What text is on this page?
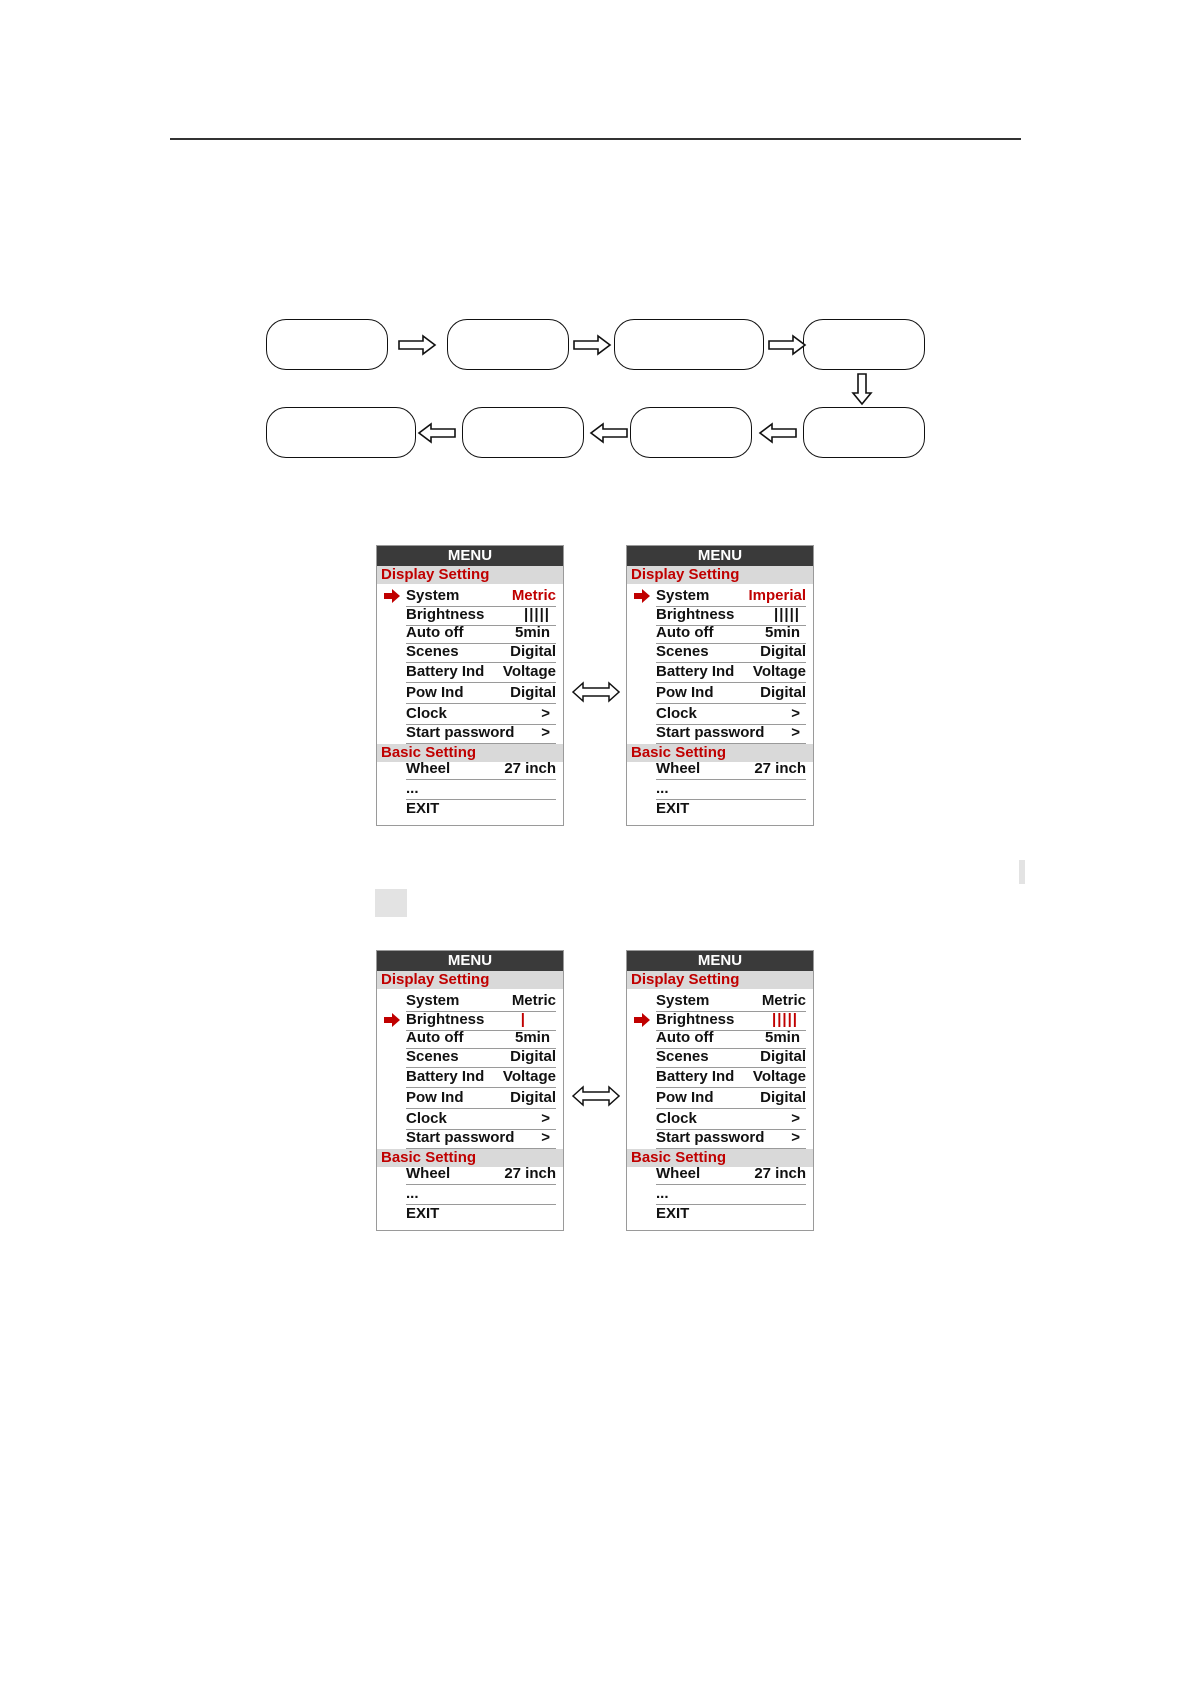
MENU
Display Setting
System	Metric
Brightness	|||||
Auto off	5min
Scenes	Digital
Battery Ind Voltage
Pow Ind	Digital
Clock	>
Start password >
Basic Setting
Wheel	27 inch
...
EXIT
MENU
Display Setting
System	Imperial
Brightness	|||||
Auto off	5min
Scenes	Digital
Battery Ind Voltage
Pow Ind	Digital
Clock	>
Start password >
Basic Setting
Wheel	27 inch
...
EXIT
MENU
Display Setting
System	Metric
Brightness |
Auto off	5min
Scenes	Digital
Battery Ind Voltage
Pow Ind	Digital
Clock	>
Start password >
Basic Setting
Wheel	27 inch
...
EXIT
MENU
Display Setting
System	Metric
Brightness	|||||
Auto off	5min
Scenes	Digital
Battery Ind Voltage
Pow Ind	Digital
Clock	>
Start password >
Basic Setting
Wheel	27 inch
...
EXIT
